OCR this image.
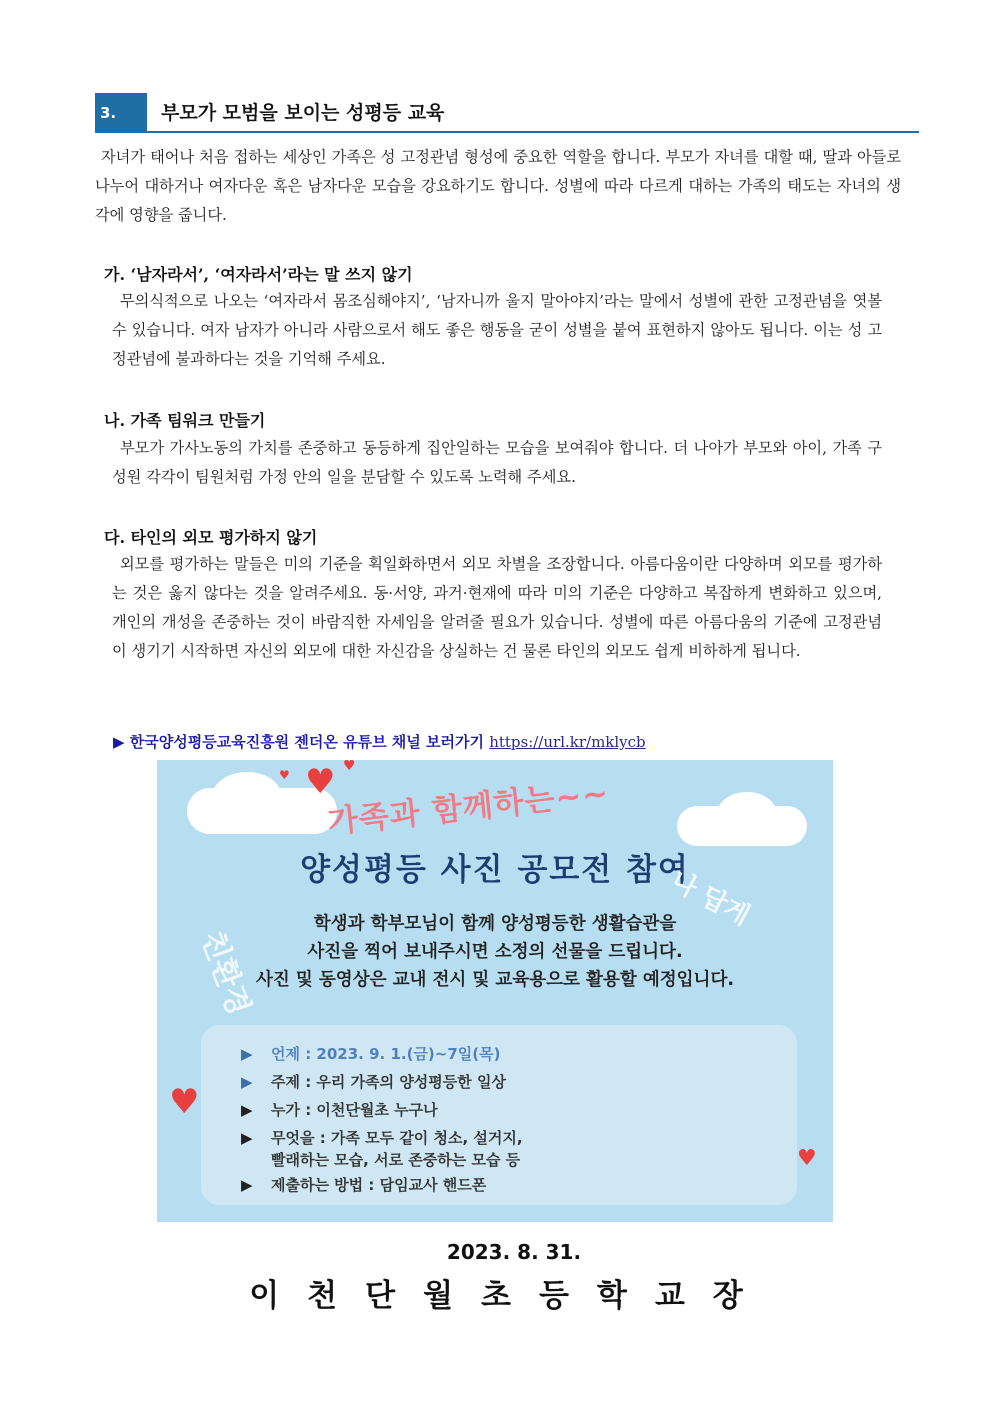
3.	부모가 모범을 보이는 성평등 교육
자녀가 태어나 처음 접하는 세상인 가족은 성 고정관념 형성에 중요한 역할을 합니다. 부모가 자녀를 대할 때, 딸과 아들로 나누어 대하거나 여자다운 혹은 남자다운 모습을 강요하기도 합니다. 성별에 따라 다르게 대하는 가족의 태도는 자녀의 생각에 영향을 줍니다.
가. ‘남자라서’, ‘여자라서’라는 말 쓰지 않기
무의식적으로 나오는 ‘여자라서 몸조심해야지’, ‘남자니까 울지 말아야지’라는 말에서 성별에 관한 고정관념을 엿볼 수 있습니다. 여자 남자가 아니라 사람으로서 해도 좋은 행동을 굳이 성별을 붙여 표현하지 않아도 됩니다. 이는 성 고정관념에 불과하다는 것을 기억해 주세요.
나. 가족 팀워크 만들기
부모가 가사노동의 가치를 존중하고 동등하게 집안일하는 모습을 보여줘야 합니다. 더 나아가 부모와 아이, 가족 구성원 각각이 팀원처럼 가정 안의 일을 분담할 수 있도록 노력해 주세요.
다. 타인의 외모 평가하지 않기
외모를 평가하는 말들은 미의 기준을 획일화하면서 외모 차별을 조장합니다. 아름다움이란 다양하며 외모를 평가하는 것은 옳지 않다는 것을 알려주세요. 동·서양, 과거·현재에 따라 미의 기준은 다양하고 복잡하게 변화하고 있으며, 개인의 개성을 존중하는 것이 바람직한 자세임을 알려줄 필요가 있습니다. 성별에 따른 아름다움의 기준에 고정관념이 생기기 시작하면 자신의 외모에 대한 자신감을 상실하는 건 물론 타인의 외모도 쉽게 비하하게 됩니다.
▶ 한국양성평등교육진흥원 젠더온 유튜브 채널 보러가기 https://url.kr/mklycb
♥ ♥
♥
♥
♥
가족과 함께하는~~
양성평등 사진 공모전 참여
나 답게
친환경
학생과 학부모님이 함께 양성평등한 생활습관을
사진을 찍어 보내주시면 소정의 선물을 드립니다.
사진 및 동영상은 교내 전시 및 교육용으로 활용할 예정입니다.
▶	언제 : 2023. 9. 1.(금)~7일(목)
▶	주제 : 우리 가족의 양성평등한 일상
▶	누가 : 이천단월초 누구나
▶	무엇을 : 가족 모두 같이 청소, 설거지,
빨래하는 모습, 서로 존중하는 모습 등
▶	제출하는 방법 : 담임교사 핸드폰
2023. 8. 31.
이천단월초등학교장
